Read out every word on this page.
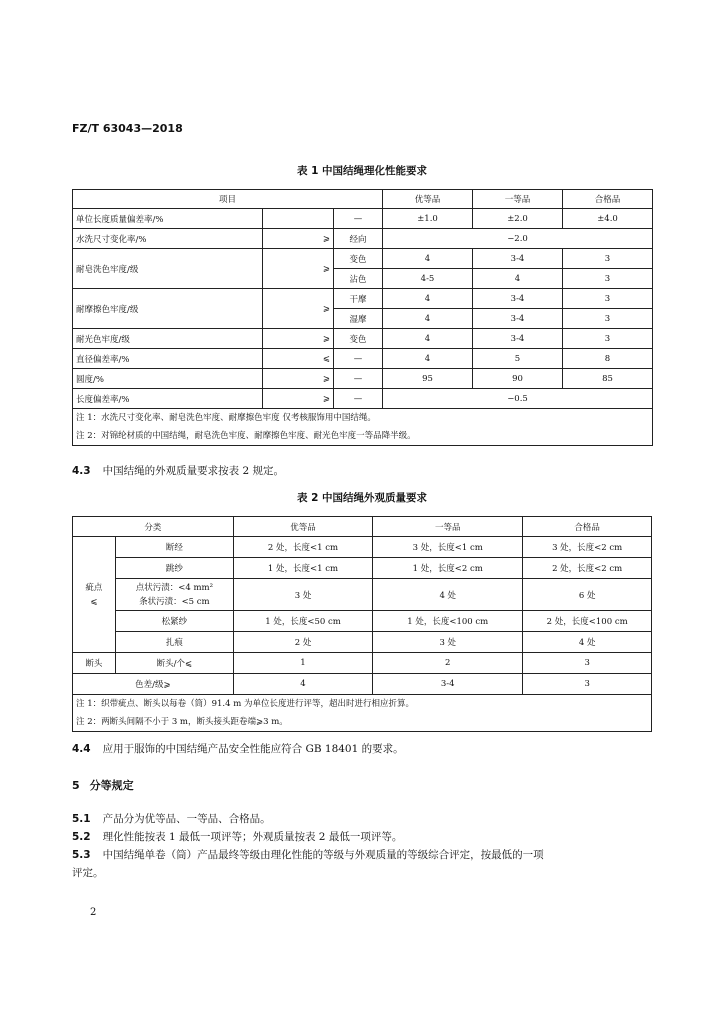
FZ/T 63043—2018
表 1 中国结绳理化性能要求
项目			优等品	一等品	合格品
单位长度质量偏差率/%		—	±1.0	±2.0	±4.0
水洗尺寸变化率/%	⩾	经向	−2.0		
耐皂洗色牢度/级	⩾	变色	4	3-4	3
		沾色	4-5	4	3
耐摩擦色牢度/级	⩾	干摩	4	3-4	3
		湿摩	4	3-4	3
耐光色牢度/级	⩾	变色	4	3-4	3
直径偏差率/%	⩽	—	4	5	8
圆度/%	⩾	—	95	90	85
长度偏差率/%	⩾	—	−0.5		

注 1：水洗尺寸变化率、耐皂洗色牢度、耐摩擦色牢度 仅考核服饰用中国结绳。
注 2：对锦纶材质的中国结绳，耐皂洗色牢度、耐摩擦色牢度、耐光色牢度一等品降半级。					
4.3 中国结绳的外观质量要求按表 2 规定。
表 2 中国结绳外观质量要求
分类		优等品	一等品	合格品

疵点
⩽	断经	2 处，长度<1 cm	3 处，长度<1 cm	3 处，长度<2 cm
	跳纱	1 处，长度<1 cm	1 处，长度<2 cm	2 处，长度<2 cm

	点状污渍：<4 mm²
条状污渍：<5 cm	3 处	4 处	6 处
	松紧纱	1 处，长度<50 cm	1 处，长度<100 cm	2 处，长度<100 cm
	扎痕	2 处	3 处	4 处
断头	断头/个⩽	1	2	3
色差/级⩾		4	3-4	3

注 1：织带疵点、断头以每卷（筒）91.4 m 为单位长度进行评等，超出时进行相应折算。
注 2：两断头间隔不小于 3 m，断头接头距卷端⩾3 m。				
4.4 应用于服饰的中国结绳产品安全性能应符合 GB 18401 的要求。
5 分等规定
5.1 产品分为优等品、一等品、合格品。
5.2 理化性能按表 1 最低一项评等；外观质量按表 2 最低一项评等。
5.3 中国结绳单卷（筒）产品最终等级由理化性能的等级与外观质量的等级综合评定，按最低的一项
评定。
2
